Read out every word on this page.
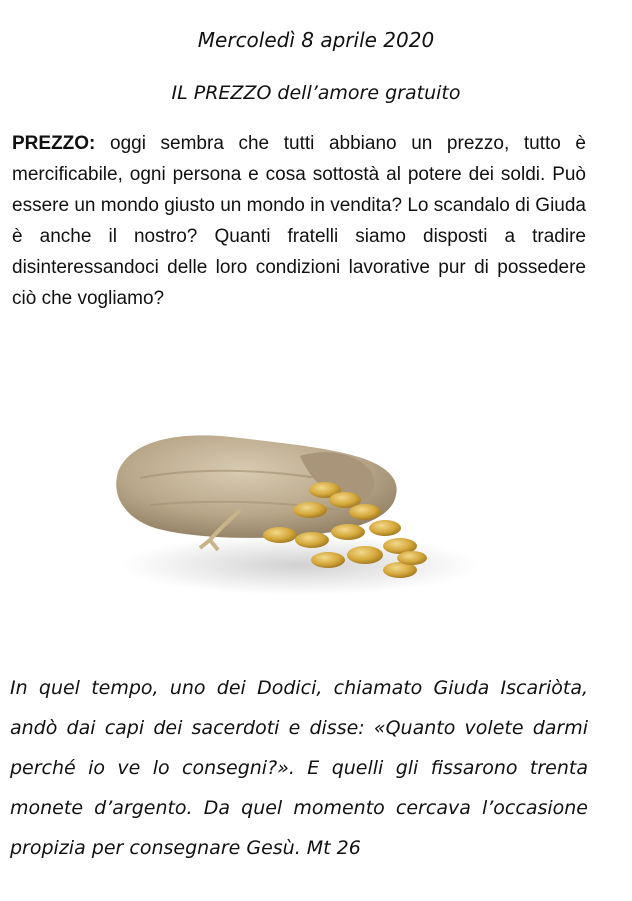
Mercoledì 8 aprile 2020
IL PREZZO dell’amore gratuito

PREZZO: oggi sembra che tutti abbiano un prezzo, tutto è mercificabile, ogni persona e cosa sottostà al potere dei soldi. Può essere un mondo giusto un mondo in vendita? Lo scandalo di Giuda è anche il nostro? Quanti fratelli siamo disposti a tradire disinteressandoci delle loro condizioni lavorative pur di possedere ciò che vogliamo?

In quel tempo, uno dei Dodici, chiamato Giuda Iscariòta, andò dai capi dei sacerdoti e disse: «Quanto volete darmi perché io ve lo consegni?». E quelli gli fissarono trenta monete d’argento. Da quel momento cercava l’occasione propizia per consegnare Gesù. Mt 26
